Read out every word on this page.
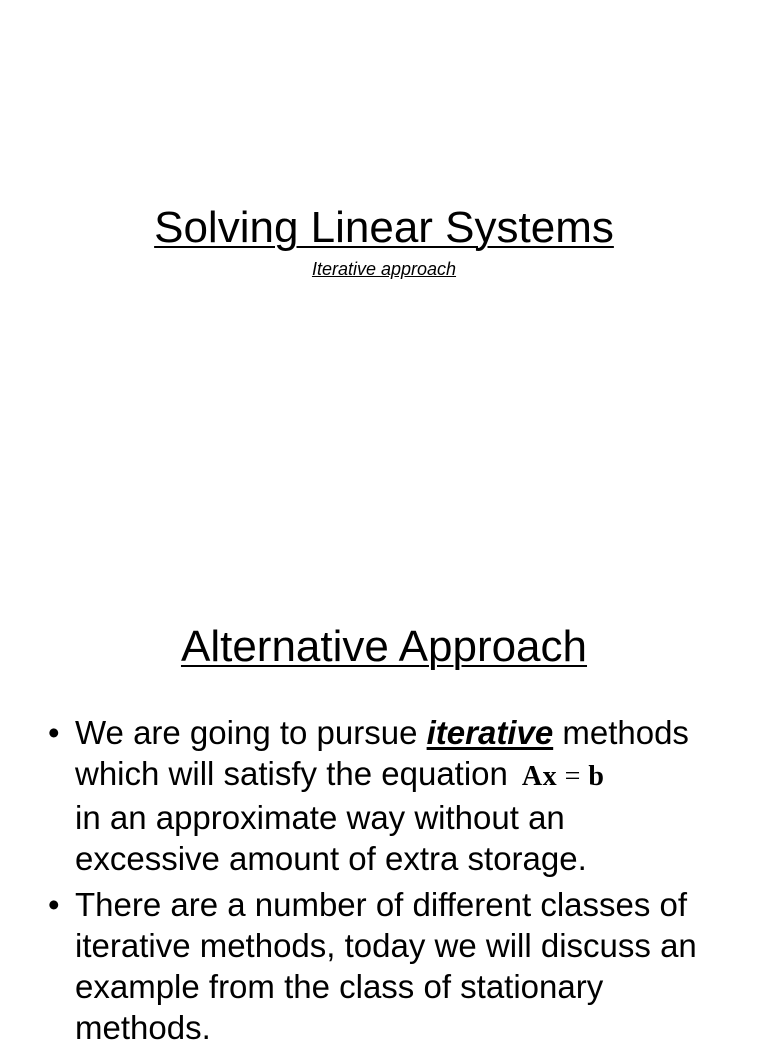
Solving Linear Systems
Iterative approach
Alternative Approach
• We are going to pursue iterative methods
which will satisfy the equation Ax = b
in an approximate way without an
excessive amount of extra storage.
• There are a number of different classes of
iterative methods, today we will discuss an
example from the class of stationary
methods.
